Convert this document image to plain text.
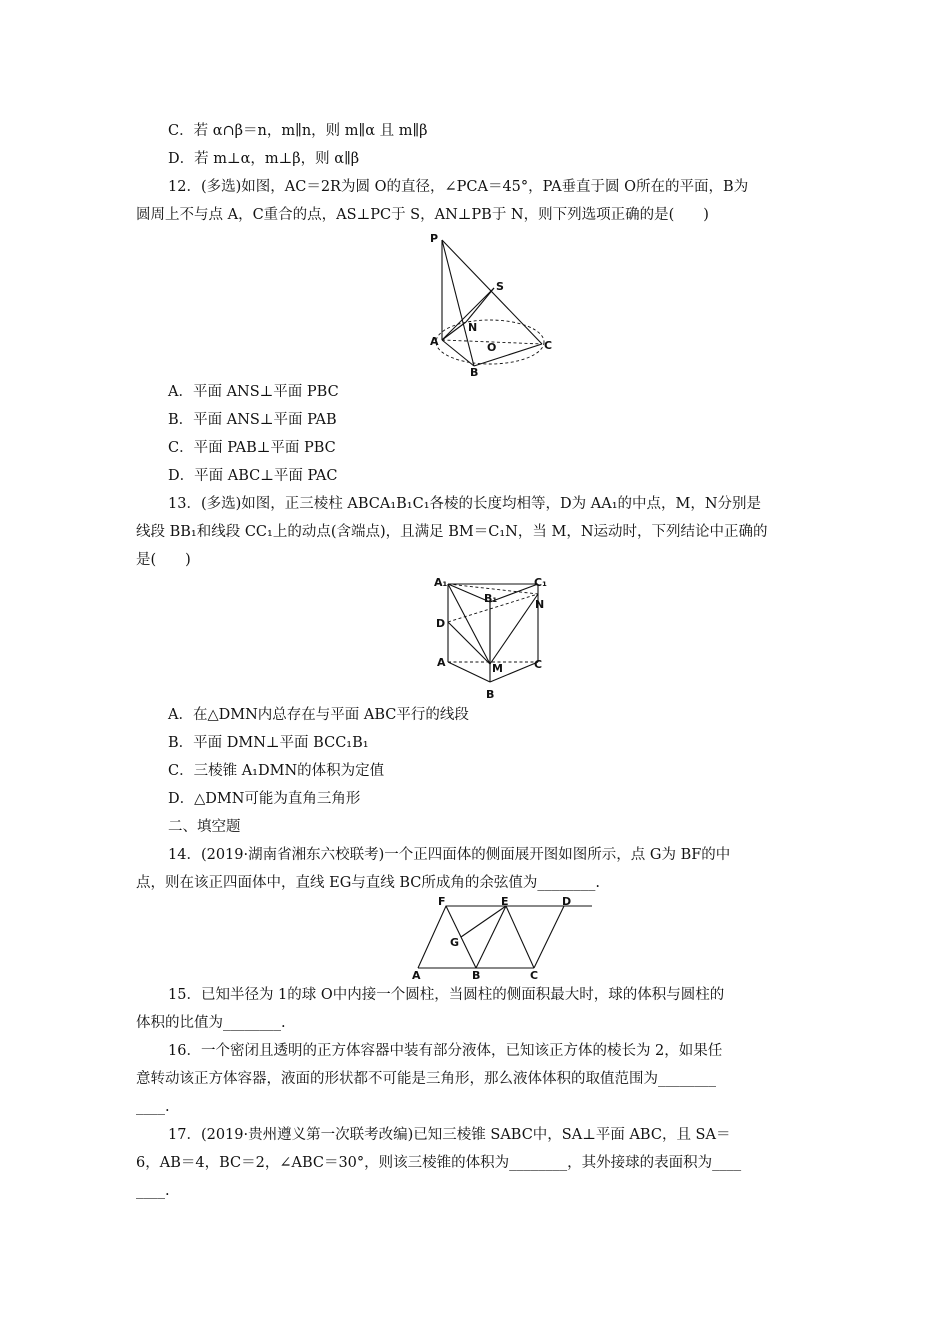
C．若 α∩β＝n，m∥n，则 m∥α 且 m∥β
D．若 m⊥α，m⊥β，则 α∥β
12．(多选)如图，AC＝2R为圆 O的直径，∠PCA＝45°，PA垂直于圆 O所在的平面，B为
圆周上不与点 A，C重合的点，AS⊥PC于 S，AN⊥PB于 N，则下列选项正确的是(　　)
P
S
N
A	O	C
B
A．平面 ANS⊥平面 PBC
B．平面 ANS⊥平面 PAB
C．平面 PAB⊥平面 PBC
D．平面 ABC⊥平面 PAC
13．(多选)如图，正三棱柱 ABCA₁B₁C₁各棱的长度均相等，D为 AA₁的中点，M，N分别是
线段 BB₁和线段 CC₁上的动点(含端点)，且满足 BM＝C₁N，当 M，N运动时，下列结论中正确的
是(　　)
A₁	C₁
B₁	N
D
A	M	C
B
A．在△DMN内总存在与平面 ABC平行的线段
B．平面 DMN⊥平面 BCC₁B₁
C．三棱锥 A₁DMN的体积为定值
D．△DMN可能为直角三角形
二、填空题
14．(2019·湖南省湘东六校联考)一个正四面体的侧面展开图如图所示，点 G为 BF的中
点，则在该正四面体中，直线 EG与直线 BC所成角的余弦值为________.
F	E	D
G
A	B	C
15．已知半径为 1的球 O中内接一个圆柱，当圆柱的侧面积最大时，球的体积与圆柱的
体积的比值为________.
16．一个密闭且透明的正方体容器中装有部分液体，已知该正方体的棱长为 2，如果任
意转动该正方体容器，液面的形状都不可能是三角形，那么液体体积的取值范围为________
____.
17．(2019·贵州遵义第一次联考改编)已知三棱锥 SABC中，SA⊥平面 ABC，且 SA＝
6，AB＝4，BC＝2，∠ABC＝30°，则该三棱锥的体积为________，其外接球的表面积为____
____.
